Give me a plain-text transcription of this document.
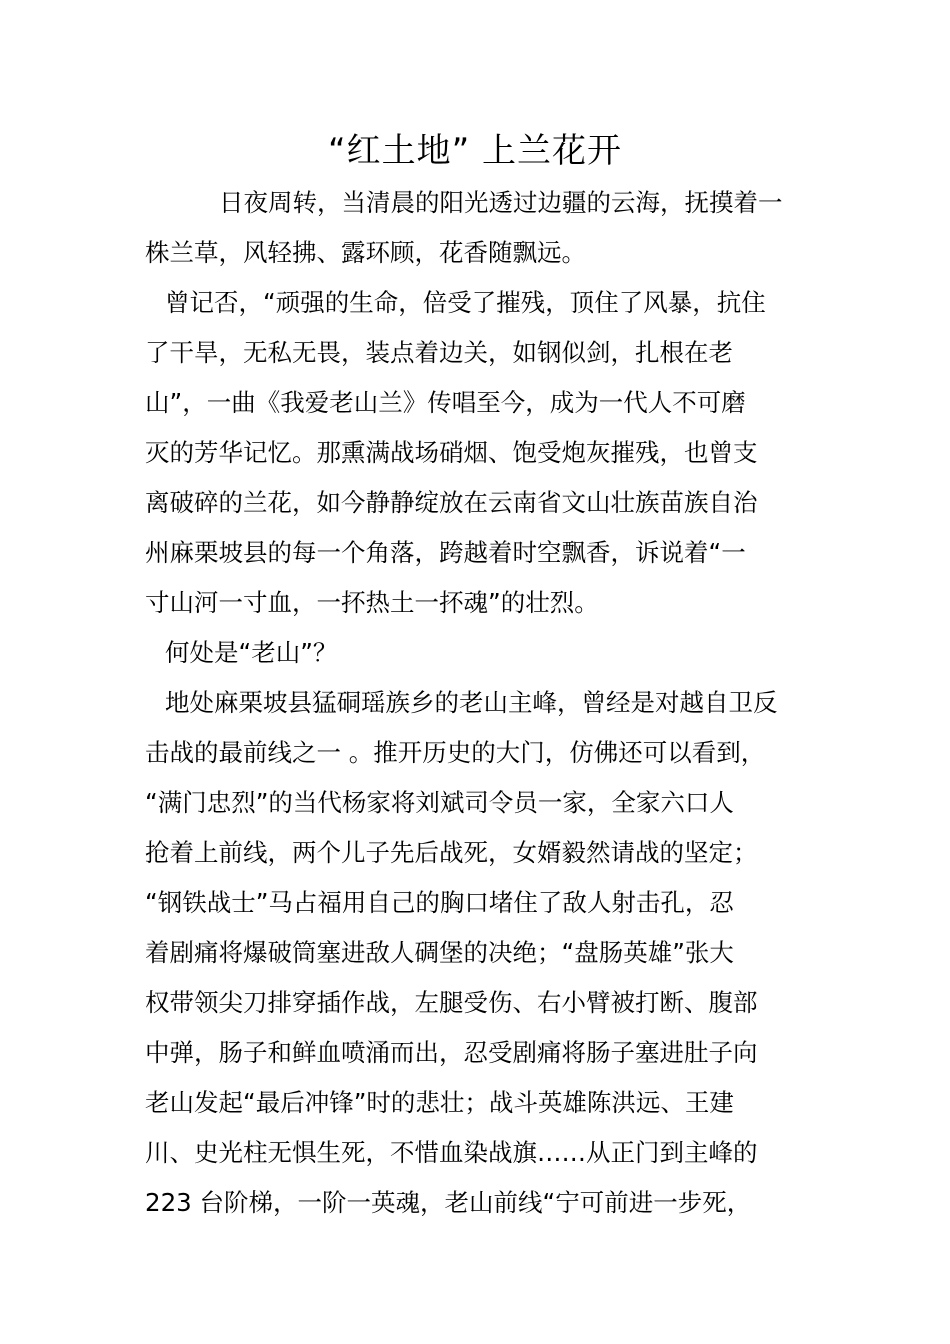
“红土地” 上兰花开
日夜周转，当清晨的阳光透过边疆的云海，抚摸着一
株兰草，风轻拂、露环顾，花香随飘远。
曾记否，“顽强的生命，倍受了摧残，顶住了风暴，抗住
了干旱，无私无畏，装点着边关，如钢似剑，扎根在老
山”，一曲《我爱老山兰》传唱至今，成为一代人不可磨
灭的芳华记忆。那熏满战场硝烟、饱受炮灰摧残，也曾支
离破碎的兰花，如今静静绽放在云南省文山壮族苗族自治
州麻栗坡县的每一个角落，跨越着时空飘香，诉说着“一
寸山河一寸血，一抔热土一抔魂”的壮烈。
何处是“老山”？
地处麻栗坡县猛硐瑶族乡的老山主峰，曾经是对越自卫反
击战的最前线之一 。推开历史的大门，仿佛还可以看到，
“满门忠烈”的当代杨家将刘斌司令员一家，全家六口人
抢着上前线，两个儿子先后战死，女婿毅然请战的坚定；
“钢铁战士”马占福用自己的胸口堵住了敌人射击孔，忍
着剧痛将爆破筒塞进敌人碉堡的决绝；“盘肠英雄”张大
权带领尖刀排穿插作战，左腿受伤、右小臂被打断、腹部
中弹，肠子和鲜血喷涌而出，忍受剧痛将肠子塞进肚子向
老山发起“最后冲锋”时的悲壮；战斗英雄陈洪远、王建
川、史光柱无惧生死，不惜血染战旗……从正门到主峰的
223 台阶梯，一阶一英魂，老山前线“宁可前进一步死，
